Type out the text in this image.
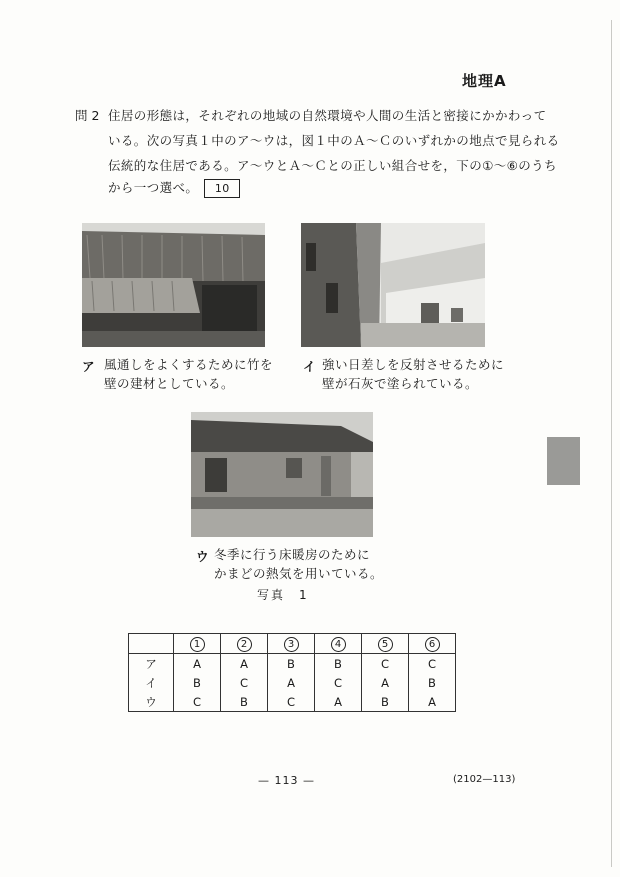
地理A
問 2 住居の形態は，それぞれの地域の自然環境や人間の生活と密接にかかわって
いる。次の写真１中のア～ウは，図１中のＡ～Ｃのいずれかの地点で見られる
伝統的な住居である。ア～ウとＡ～Ｃとの正しい組合せを，下の①～⑥のうち
から一つ選べ。 10
ア 風通しをよくするために竹を
壁の建材としている。
イ 強い日差しを反射させるために
壁が石灰で塗られている。
ウ 冬季に行う床暖房のために
かまどの熱気を用いている。
写真　1
	1	2	3	4	5	6
ア	A	A	B	B	C	C
イ	B	C	A	C	A	B
ウ	C	B	C	A	B	A
— 113 —	(2102—113)
